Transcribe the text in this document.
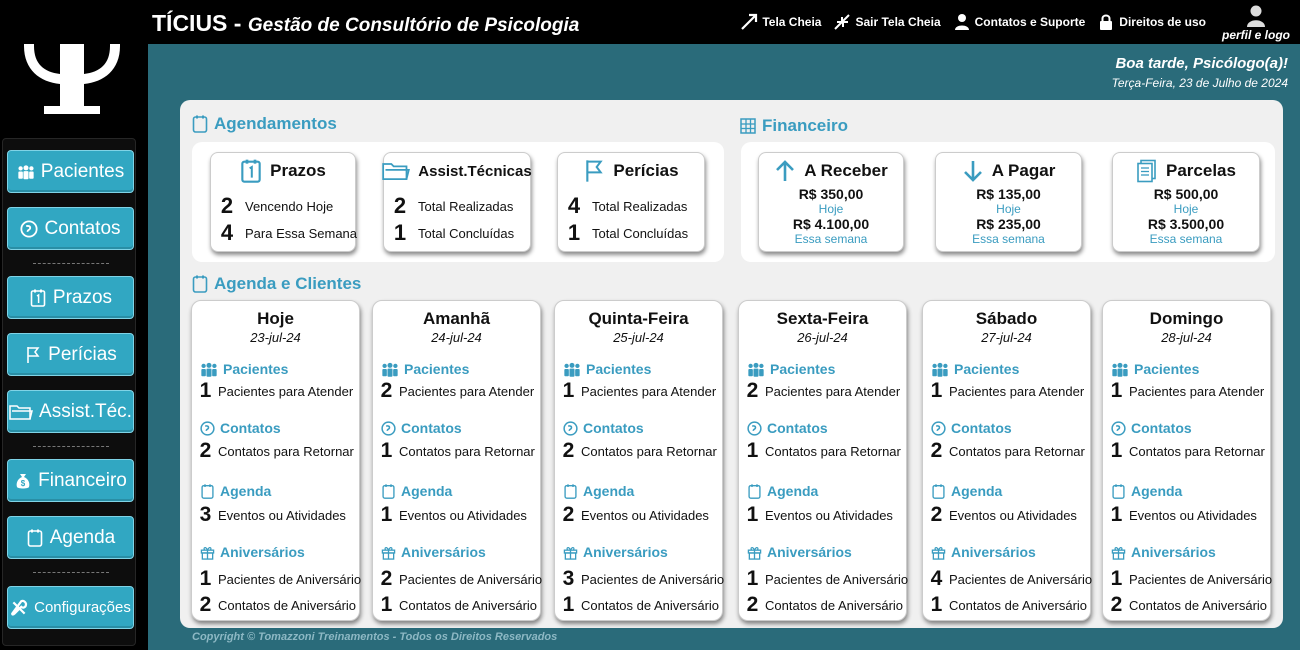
Pacientes
Contatos
Prazos
Perícias
Assist.Téc.
$ Financeiro
Agenda
Configurações
TÍCIUS - Gestão de Consultório de Psicologia	Tela Cheia	Sair Tela Cheia	Contatos e Suporte	Direitos de uso
perfil e logo
Boa tarde, Psicólogo(a)!
Terça-Feira, 23 de Julho de 2024
Agendamentos
Prazos
2 Vencendo Hoje
4 Para Essa Semana
Assist.Técnicas
2 Total Realizadas
1 Total Concluídas
Perícias
4 Total Realizadas
1 Total Concluídas
Financeiro
A Receber
R$ 350,00
Hoje
R$ 4.100,00
Essa semana
A Pagar
R$ 135,00
Hoje
R$ 235,00
Essa semana
Parcelas
R$ 500,00
Hoje
R$ 3.500,00
Essa semana
Agenda e Clientes
Hoje
23-jul-24
Pacientes
1 Pacientes para Atender
Contatos
2 Contatos para Retornar
Agenda
3 Eventos ou Atividades
Aniversários
1 Pacientes de Aniversário
2 Contatos de Aniversário
Amanhã
24-jul-24
Pacientes
2 Pacientes para Atender
Contatos
1 Contatos para Retornar
Agenda
1 Eventos ou Atividades
Aniversários
2 Pacientes de Aniversário
1 Contatos de Aniversário
Quinta-Feira
25-jul-24
Pacientes
1 Pacientes para Atender
Contatos
2 Contatos para Retornar
Agenda
2 Eventos ou Atividades
Aniversários
3 Pacientes de Aniversário
1 Contatos de Aniversário
Sexta-Feira
26-jul-24
Pacientes
2 Pacientes para Atender
Contatos
1 Contatos para Retornar
Agenda
1 Eventos ou Atividades
Aniversários
1 Pacientes de Aniversário
2 Contatos de Aniversário
Sábado
27-jul-24
Pacientes
1 Pacientes para Atender
Contatos
2 Contatos para Retornar
Agenda
2 Eventos ou Atividades
Aniversários
4 Pacientes de Aniversário
1 Contatos de Aniversário
Domingo
28-jul-24
Pacientes
1 Pacientes para Atender
Contatos
1 Contatos para Retornar
Agenda
1 Eventos ou Atividades
Aniversários
1 Pacientes de Aniversário
2 Contatos de Aniversário
Copyright © Tomazzoni Treinamentos - Todos os Direitos Reservados
